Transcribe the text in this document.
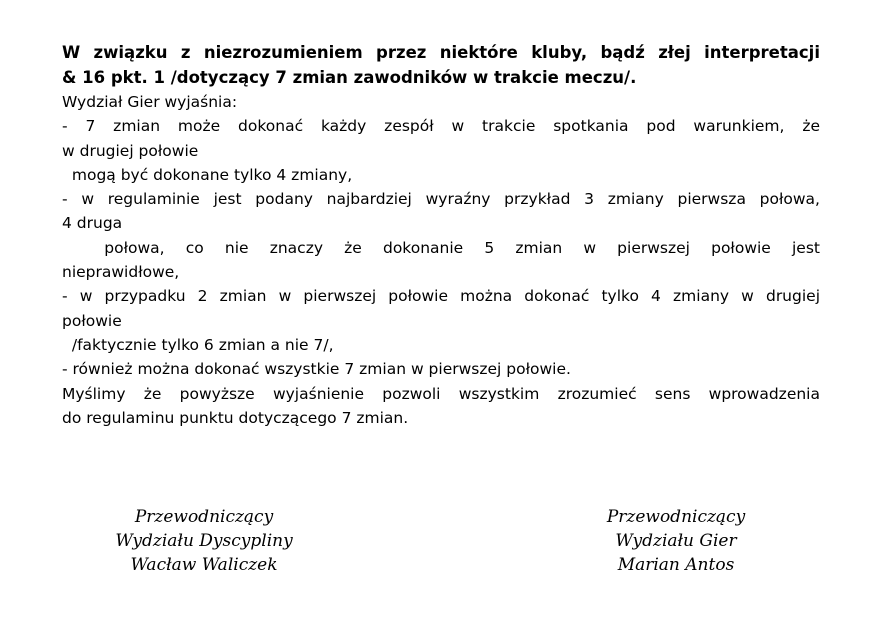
W związku z niezrozumieniem przez niektóre kluby, bądź złej interpretacji
& 16 pkt. 1 /dotyczący 7 zmian zawodników w trakcie meczu/.

Wydział Gier wyjaśnia:
- 7 zmian może dokonać każdy zespół w trakcie spotkania pod warunkiem, że
w drugiej połowie
mogą być dokonane tylko 4 zmiany,
- w regulaminie jest podany najbardziej wyraźny przykład 3 zmiany pierwsza połowa,
4 druga
połowa, co nie znaczy że dokonanie 5 zmian w pierwszej połowie jest
nieprawidłowe,
- w przypadku 2 zmian w pierwszej połowie można dokonać tylko 4 zmiany w drugiej
połowie
/faktycznie tylko 6 zmian a nie 7/,
- również można dokonać wszystkie 7 zmian w pierwszej połowie.
Myślimy że powyższe wyjaśnienie pozwoli wszystkim zrozumieć sens wprowadzenia
do regulaminu punktu dotyczącego 7 zmian.
Przewodniczący
Wydziału Dyscypliny
Wacław Waliczek
Przewodniczący
Wydziału Gier
Marian Antos
